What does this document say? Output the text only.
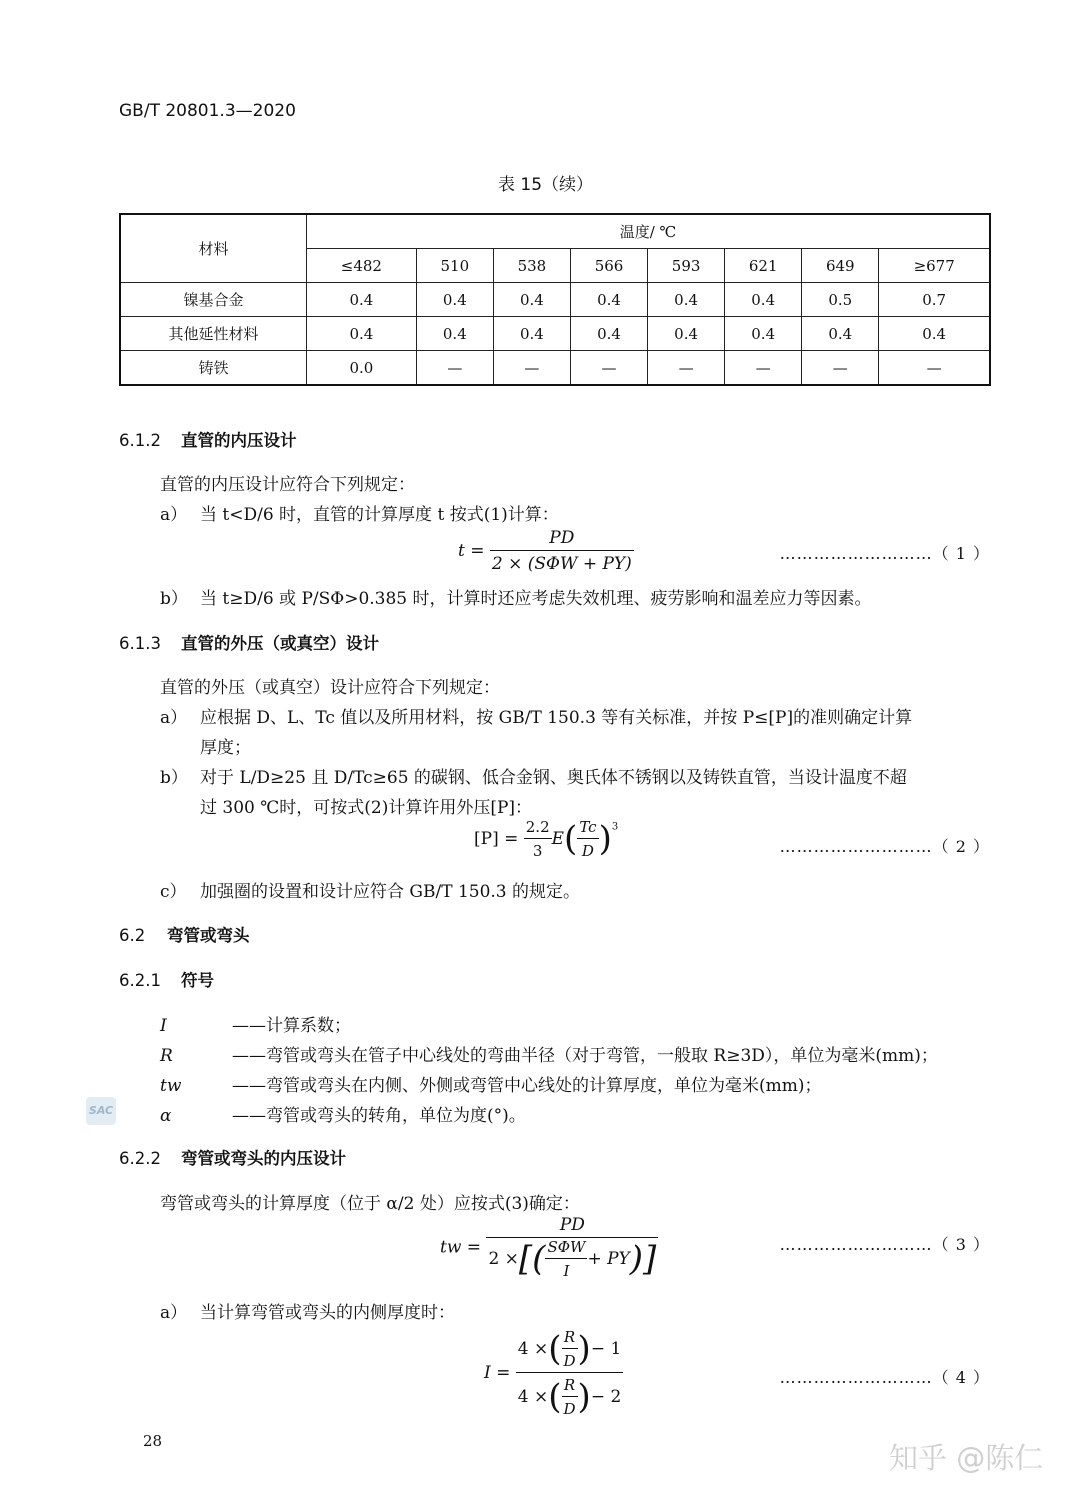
GB/T 20801.3—2020
表 15（续）
材料	温度/ ℃							
	≤482	510	538	566	593	621	649	≥677
镍基合金	0.4	0.4	0.4	0.4	0.4	0.4	0.5	0.7
其他延性材料	0.4	0.4	0.4	0.4	0.4	0.4	0.4	0.4
铸铁	0.0	—	—	—	—	—	—	—
6.1.2 直管的内压设计
直管的内压设计应符合下列规定：
a） 当 t<D/6 时，直管的计算厚度 t 按式(1)计算：
$t = \frac{PD}{\text{2 × (SΦW + PY)}}$	………………………（ 1 ）
b） 当 t≥D/6 或 P/SΦ>0.385 时，计算时还应考虑失效机理、疲劳影响和温差应力等因素。
6.1.3 直管的外压（或真空）设计
直管的外压（或真空）设计应符合下列规定：
a） 应根据 D、L、Tc 值以及所用材料，按 GB/T 150.3 等有关标准，并按 P≤[P]的准则确定计算
厚度；
b） 对于 L/D≥25 且 D/Tc≥65 的碳钢、低合金钢、奥氏体不锈钢以及铸铁直管，当设计温度不超
过 300 ℃时，可按式(2)计算许用外压[P]：
$[P] = \frac{2.2}{3} E( \frac{Tc}{D} )^3$
………………………（ 2 ）
c） 加强圈的设置和设计应符合 GB/T 150.3 的规定。
6.2 弯管或弯头
6.2.1 符号
I	——计算系数；
R	——弯管或弯头在管子中心线处的弯曲半径（对于弯管，一般取 R≥3D），单位为毫米(mm)；
tw	——弯管或弯头在内侧、外侧或弯管中心线处的计算厚度，单位为毫米(mm)；
α	——弯管或弯头的转角，单位为度(°)。
SAC
6.2.2 弯管或弯头的内压设计
弯管或弯头的计算厚度（位于 α/2 处）应按式(3)确定：
tw = $\frac{PD}{2 \times[( \frac{\text{SΦW}}{I} + PY)]}$	………………………（ 3 ）
a） 当计算弯管或弯头的内侧厚度时：
$I = \frac{4 \times( \frac{R}{D} )- 1}{4 \times( \frac{R}{D} )- 2}$	………………………（ 4 ）
28	知乎 @陈仁
